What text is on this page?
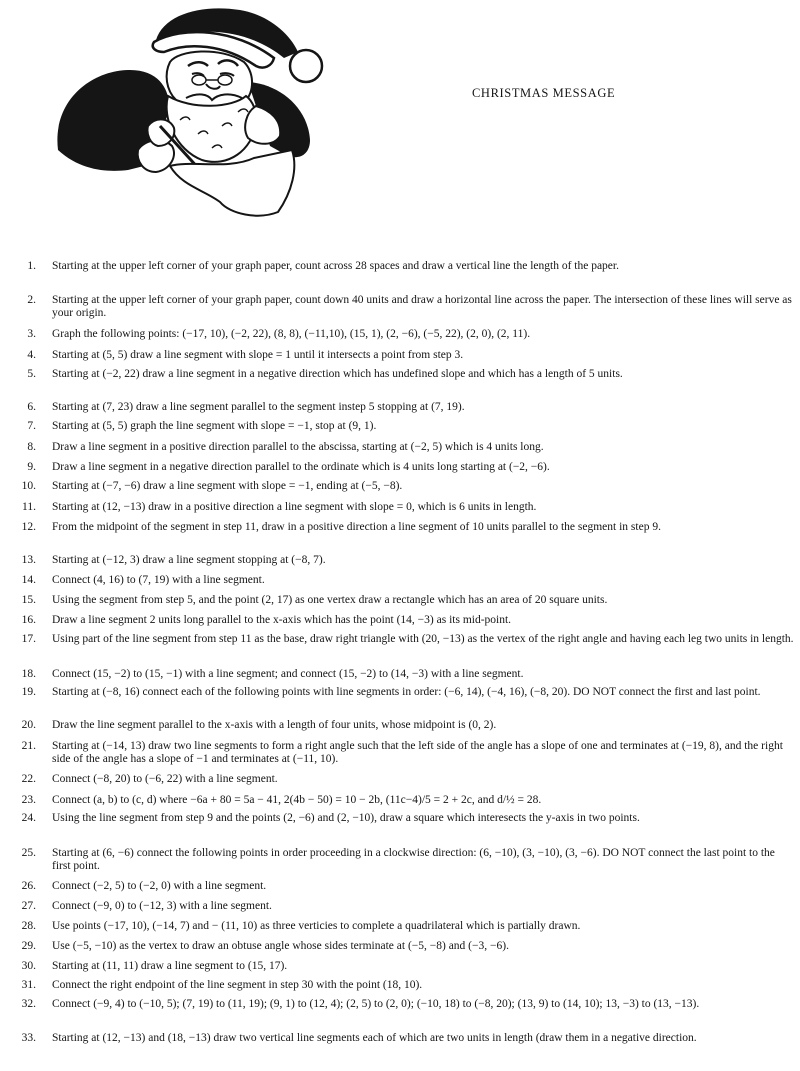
CHRISTMAS MESSAGE
1. Starting at the upper left corner of your graph paper, count across 28 spaces and draw a vertical line the length of the paper.
2. Starting at the upper left corner of your graph paper, count down 40 units and draw a horizontal line across the paper. The intersection of these lines will serve as your origin.
3. Graph the following points: (−17, 10), (−2, 22), (8, 8), (−11,10), (15, 1), (2, −6), (−5, 22), (2, 0), (2, 11).
4. Starting at (5, 5) draw a line segment with slope = 1 until it intersects a point from step 3.
5. Starting at (−2, 22) draw a line segment in a negative direction which has undefined slope and which has a length of 5 units.
6. Starting at (7, 23) draw a line segment parallel to the segment instep 5 stopping at (7, 19).
7. Starting at (5, 5) graph the line segment with slope = −1, stop at (9, 1).
8. Draw a line segment in a positive direction parallel to the abscissa, starting at (−2, 5) which is 4 units long.
9. Draw a line segment in a negative direction parallel to the ordinate which is 4 units long starting at (−2, −6).
10. Starting at (−7, −6) draw a line segment with slope = −1, ending at (−5, −8).
11. Starting at (12, −13) draw in a positive direction a line segment with slope = 0, which is 6 units in length.
12. From the midpoint of the segment in step 11, draw in a positive direction a line segment of 10 units parallel to the segment in step 9.
13. Starting at (−12, 3) draw a line segment stopping at (−8, 7).
14. Connect (4, 16) to (7, 19) with a line segment.
15. Using the segment from step 5, and the point (2, 17) as one vertex draw a rectangle which has an area of 20 square units.
16. Draw a line segment 2 units long parallel to the x-axis which has the point (14, −3) as its mid-point.
17. Using part of the line segment from step 11 as the base, draw right triangle with (20, −13) as the vertex of the right angle and having each leg two units in length.
18. Connect (15, −2) to (15, −1) with a line segment; and connect (15, −2) to (14, −3) with a line segment.
19. Starting at (−8, 16) connect each of the following points with line segments in order: (−6, 14), (−4, 16), (−8, 20). DO NOT connect the first and last point.
20. Draw the line segment parallel to the x-axis with a length of four units, whose midpoint is (0, 2).
21. Starting at (−14, 13) draw two line segments to form a right angle such that the left side of the angle has a slope of one and terminates at (−19, 8), and the right side of the angle has a slope of −1 and terminates at (−11, 10).
22. Connect (−8, 20) to (−6, 22) with a line segment.
23. Connect (a, b) to (c, d) where −6a + 80 = 5a − 41, 2(4b − 50) = 10 − 2b, (11c−4)/5 = 2 + 2c, and d/½ = 28.
24. Using the line segment from step 9 and the points (2, −6) and (2, −10), draw a square which interesects the y-axis in two points.
25. Starting at (6, −6) connect the following points in order proceeding in a clockwise direction: (6, −10), (3, −10), (3, −6). DO NOT connect the last point to the first point.
26. Connect (−2, 5) to (−2, 0) with a line segment.
27. Connect (−9, 0) to (−12, 3) with a line segment.
28. Use points (−17, 10), (−14, 7) and − (11, 10) as three verticies to complete a quadrilateral which is partially drawn.
29. Use (−5, −10) as the vertex to draw an obtuse angle whose sides terminate at (−5, −8) and (−3, −6).
30. Starting at (11, 11) draw a line segment to (15, 17).
31. Connect the right endpoint of the line segment in step 30 with the point (18, 10).
32. Connect (−9, 4) to (−10, 5); (7, 19) to (11, 19); (9, 1) to (12, 4); (2, 5) to (2, 0); (−10, 18) to (−8, 20); (13, 9) to (14, 10); 13, −3) to (13, −13).
33. Starting at (12, −13) and (18, −13) draw two vertical line segments each of which are two units in length (draw them in a negative direction.
